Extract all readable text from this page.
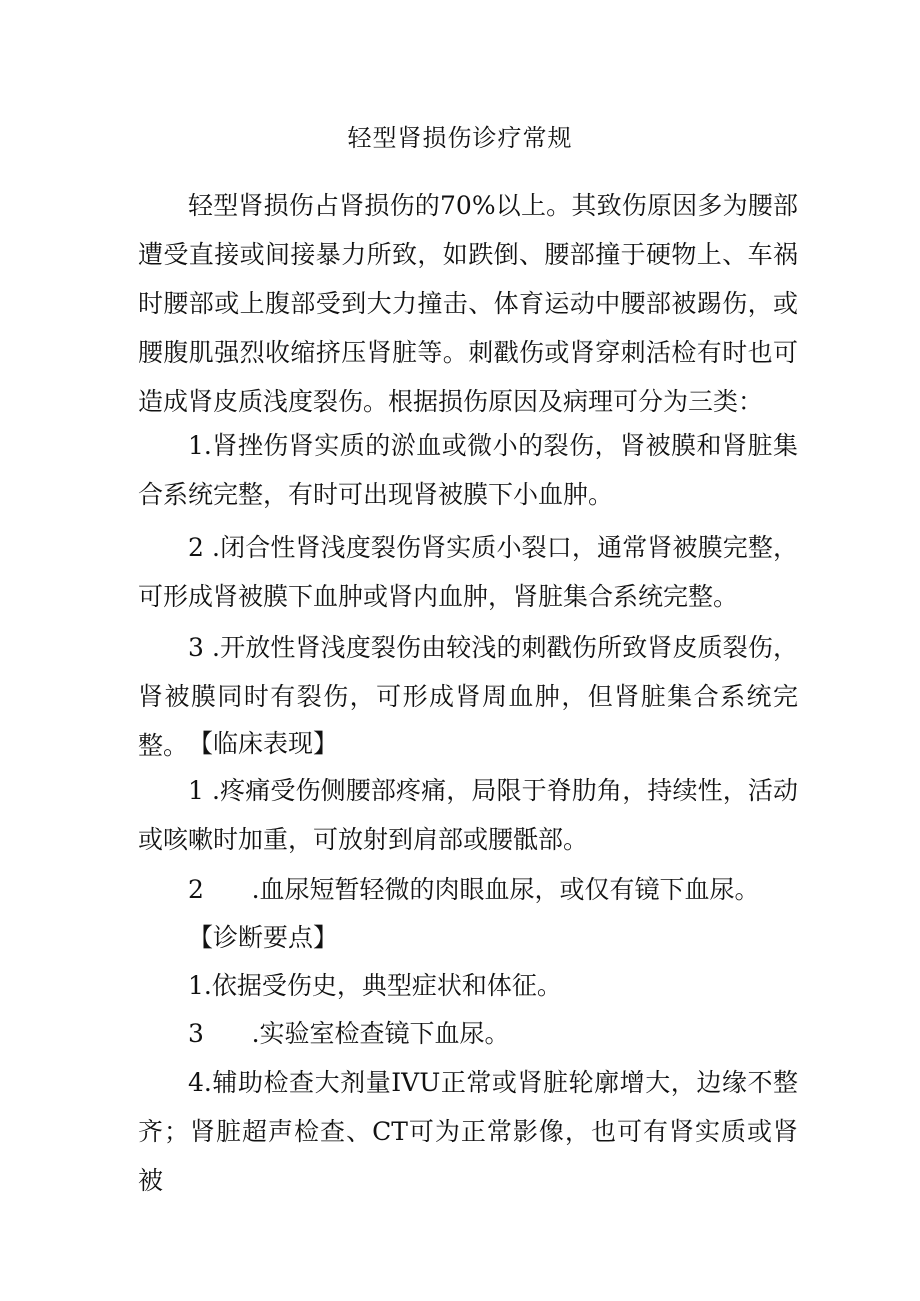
轻型肾损伤诊疗常规

轻型肾损伤占肾损伤的70%以上。其致伤原因多为腰部遭受直接或间接暴力所致，如跌倒、腰部撞于硬物上、车祸时腰部或上腹部受到大力撞击、体育运动中腰部被踢伤，或腰腹肌强烈收缩挤压肾脏等。刺戳伤或肾穿刺活检有时也可造成肾皮质浅度裂伤。根据损伤原因及病理可分为三类：

1.肾挫伤肾实质的淤血或微小的裂伤，肾被膜和肾脏集合系统完整，有时可出现肾被膜下小血肿。

2 .闭合性肾浅度裂伤肾实质小裂口，通常肾被膜完整，可形成肾被膜下血肿或肾内血肿，肾脏集合系统完整。

3 .开放性肾浅度裂伤由较浅的刺戳伤所致肾皮质裂伤，肾被膜同时有裂伤，可形成肾周血肿，但肾脏集合系统完整。 【临床表现】

1 .疼痛受伤侧腰部疼痛，局限于脊肋角，持续性，活动或咳嗽时加重，可放射到肩部或腰骶部。

2      .血尿短暂轻微的肉眼血尿，或仅有镜下血尿。

【诊断要点】

1.依据受伤史，典型症状和体征。

3      .实验室检查镜下血尿。

4.辅助检查大剂量IVU正常或肾脏轮廓增大，边缘不整齐；肾脏超声检查、CT可为正常影像，也可有肾实质或肾被
